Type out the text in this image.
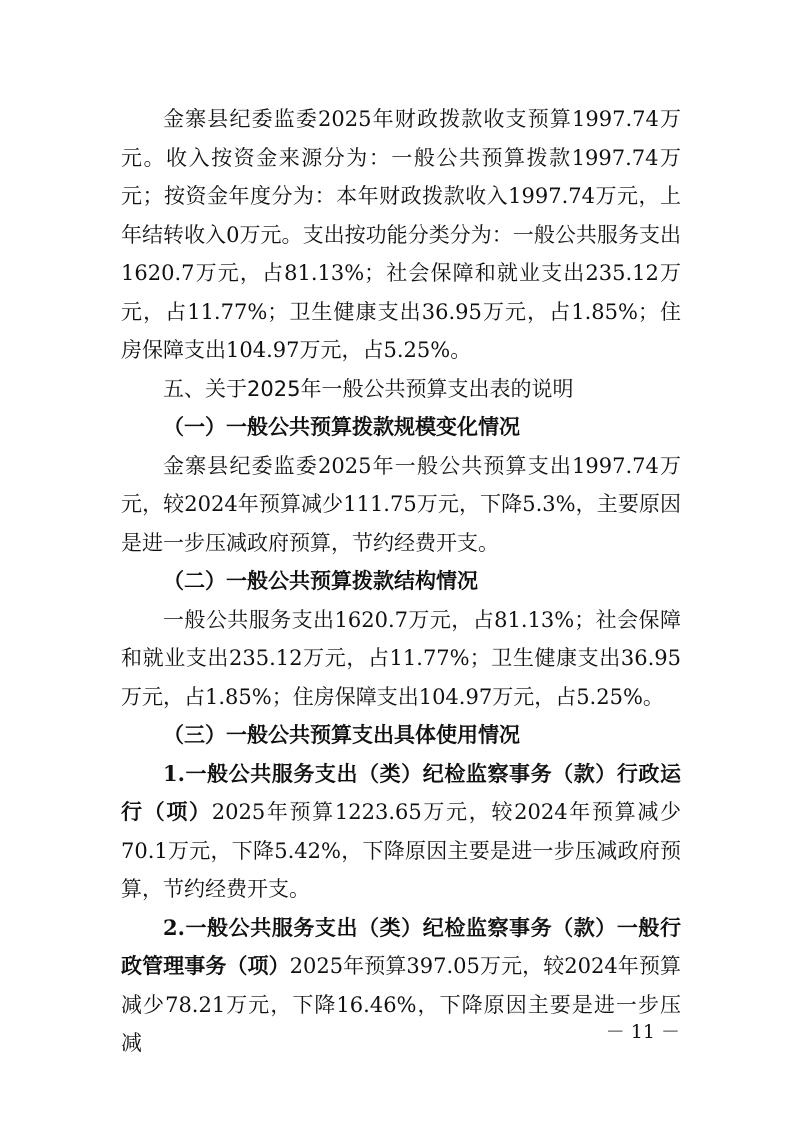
金寨县纪委监委2025年财政拨款收支预算1997.74万元。收入按资金来源分为：一般公共预算拨款1997.74万元；按资金年度分为：本年财政拨款收入1997.74万元，上年结转收入0万元。支出按功能分类分为：一般公共服务支出1620.7万元，占81.13%；社会保障和就业支出235.12万元，占11.77%；卫生健康支出36.95万元，占1.85%；住房保障支出104.97万元，占5.25%。

五、关于2025年一般公共预算支出表的说明

（一）一般公共预算拨款规模变化情况

金寨县纪委监委2025年一般公共预算支出1997.74万元，较2024年预算减少111.75万元，下降5.3%，主要原因是进一步压减政府预算，节约经费开支。

（二）一般公共预算拨款结构情况

一般公共服务支出1620.7万元，占81.13%；社会保障和就业支出235.12万元，占11.77%；卫生健康支出36.95万元，占1.85%；住房保障支出104.97万元，占5.25%。

（三）一般公共预算支出具体使用情况

1.一般公共服务支出（类）纪检监察事务（款）行政运行（项）2025年预算1223.65万元，较2024年预算减少70.1万元，下降5.42%，下降原因主要是进一步压减政府预算，节约经费开支。

2.一般公共服务支出（类）纪检监察事务（款）一般行政管理事务（项）2025年预算397.05万元，较2024年预算减少78.21万元，下降16.46%，下降原因主要是进一步压减	－ 11 －
